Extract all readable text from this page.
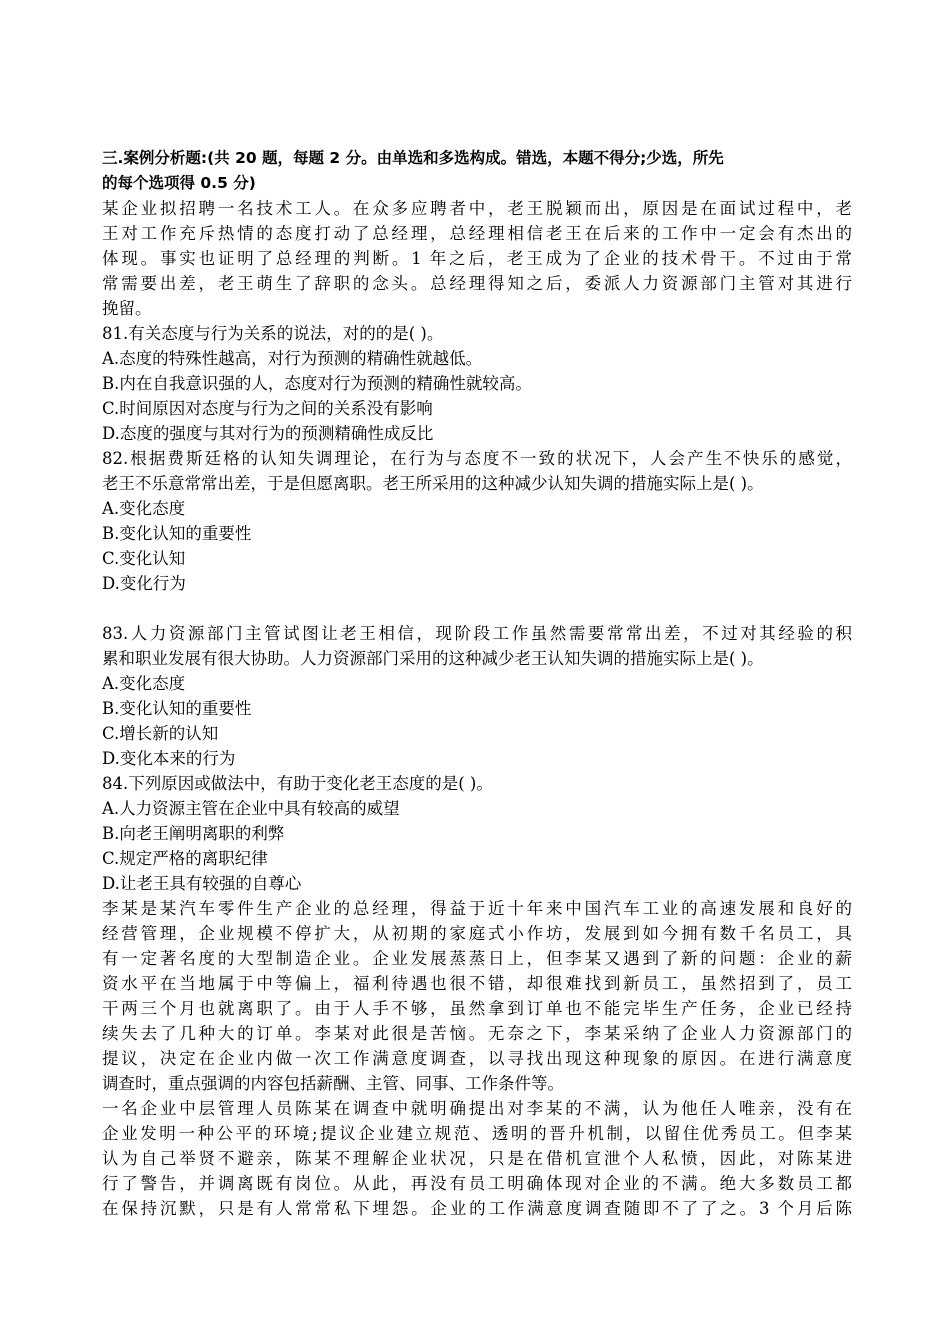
三.案例分析题:(共 20 题，每题 2 分。由单选和多选构成。错选，本题不得分;少选，所先
的每个选项得 0.5 分)
某企业拟招聘一名技术工人。在众多应聘者中，老王脱颖而出，原因是在面试过程中，老
王对工作充斥热情的态度打动了总经理，总经理相信老王在后来的工作中一定会有杰出的
体现。事实也证明了总经理的判断。1 年之后，老王成为了企业的技术骨干。不过由于常
常需要出差，老王萌生了辞职的念头。总经理得知之后，委派人力资源部门主管对其进行
挽留。
81.有关态度与行为关系的说法，对的的是( )。
A.态度的特殊性越高，对行为预测的精确性就越低。
B.内在自我意识强的人，态度对行为预测的精确性就较高。
C.时间原因对态度与行为之间的关系没有影响
D.态度的强度与其对行为的预测精确性成反比
82.根据费斯廷格的认知失调理论，在行为与态度不一致的状况下，人会产生不快乐的感觉，
老王不乐意常常出差，于是但愿离职。老王所采用的这种减少认知失调的措施实际上是( )。
A.变化态度
B.变化认知的重要性
C.变化认知
D.变化行为
83.人力资源部门主管试图让老王相信，现阶段工作虽然需要常常出差，不过对其经验的积
累和职业发展有很大协助。人力资源部门采用的这种减少老王认知失调的措施实际上是( )。
A.变化态度
B.变化认知的重要性
C.增长新的认知
D.变化本来的行为
84.下列原因或做法中，有助于变化老王态度的是( )。
A.人力资源主管在企业中具有较高的威望
B.向老王阐明离职的利弊
C.规定严格的离职纪律
D.让老王具有较强的自尊心
李某是某汽车零件生产企业的总经理，得益于近十年来中国汽车工业的高速发展和良好的
经营管理，企业规模不停扩大，从初期的家庭式小作坊，发展到如今拥有数千名员工，具
有一定著名度的大型制造企业。企业发展蒸蒸日上，但李某又遇到了新的问题：企业的薪
资水平在当地属于中等偏上，福利待遇也很不错，却很难找到新员工，虽然招到了，员工
干两三个月也就离职了。由于人手不够，虽然拿到订单也不能完毕生产任务，企业已经持
续失去了几种大的订单。李某对此很是苦恼。无奈之下，李某采纳了企业人力资源部门的
提议，决定在企业内做一次工作满意度调查，以寻找出现这种现象的原因。在进行满意度
调查时，重点强调的内容包括薪酬、主管、同事、工作条件等。
一名企业中层管理人员陈某在调查中就明确提出对李某的不满，认为他任人唯亲，没有在
企业发明一种公平的环境;提议企业建立规范、透明的晋升机制，以留住优秀员工。但李某
认为自己举贤不避亲，陈某不理解企业状况，只是在借机宣泄个人私愤，因此，对陈某进
行了警告，并调离既有岗位。从此，再没有员工明确体现对企业的不满。绝大多数员工都
在保持沉默，只是有人常常私下埋怨。企业的工作满意度调查随即不了了之。3 个月后陈
